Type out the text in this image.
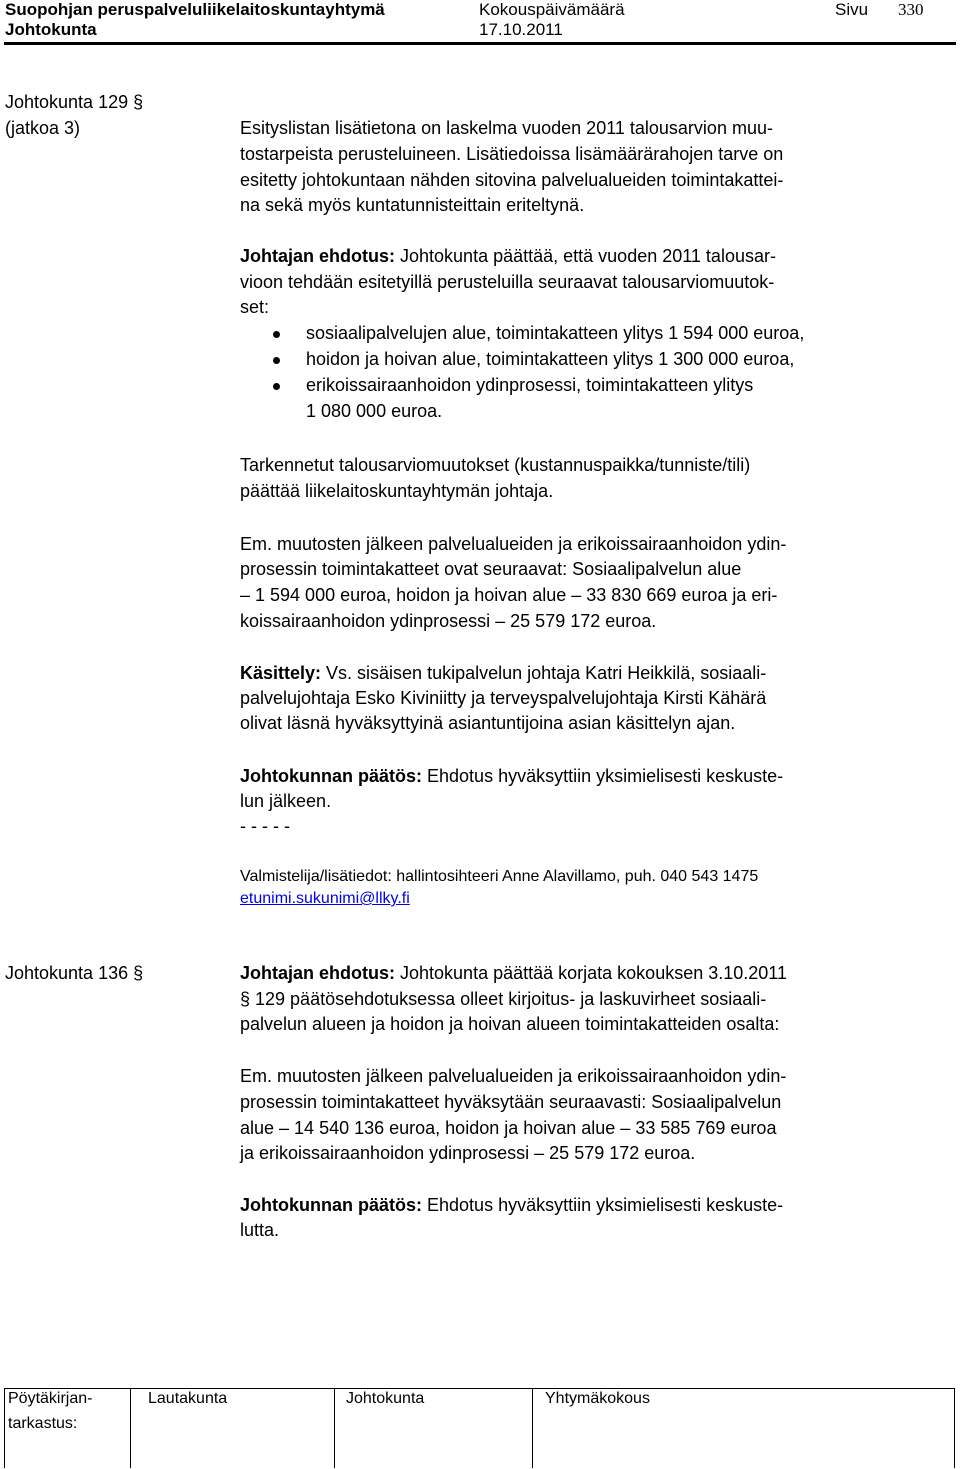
Suopohjan peruspalveluliikelaitoskuntayhtymä
Johtokunta
Kokouspäivämäärä
17.10.2011
Sivu 330
Johtokunta 129 §
(jatkoa 3)	Esityslistan lisätietona on laskelma vuoden 2011 talousarvion muu-
tostarpeista perusteluineen. Lisätiedoissa lisämäärärahojen tarve on
esitetty johtokuntaan nähden sitovina palvelualueiden toimintakattei-
na sekä myös kuntatunnisteittain eriteltynä.
Johtajan ehdotus: Johtokunta päättää, että vuoden 2011 talousar-
vioon tehdään esitetyillä perusteluilla seuraavat talousarviomuutok-
set:
sosiaalipalvelujen alue, toimintakatteen ylitys 1 594 000 euroa,
hoidon ja hoivan alue, toimintakatteen ylitys 1 300 000 euroa,
erikoissairaanhoidon ydinprosessi, toimintakatteen ylitys
1 080 000 euroa.
Tarkennetut talousarviomuutokset (kustannuspaikka/tunniste/tili)
päättää liikelaitoskuntayhtymän johtaja.
Em. muutosten jälkeen palvelualueiden ja erikoissairaanhoidon ydin-
prosessin toimintakatteet ovat seuraavat: Sosiaalipalvelun alue
– 1 594 000 euroa, hoidon ja hoivan alue – 33 830 669 euroa ja eri-
koissairaanhoidon ydinprosessi – 25 579 172 euroa.
Käsittely: Vs. sisäisen tukipalvelun johtaja Katri Heikkilä, sosiaali-
palvelujohtaja Esko Kiviniitty ja terveyspalvelujohtaja Kirsti Kähärä
olivat läsnä hyväksyttyinä asiantuntijoina asian käsittelyn ajan.
Johtokunnan päätös: Ehdotus hyväksyttiin yksimielisesti keskuste-
lun jälkeen.
- - - - -
Valmistelija/lisätiedot: hallintosihteeri Anne Alavillamo, puh. 040 543 1475
etunimi.sukunimi@llky.fi
Johtokunta 136 §	Johtajan ehdotus: Johtokunta päättää korjata kokouksen 3.10.2011
§ 129 päätösehdotuksessa olleet kirjoitus- ja laskuvirheet sosiaali-
palvelun alueen ja hoidon ja hoivan alueen toimintakatteiden osalta:
Em. muutosten jälkeen palvelualueiden ja erikoissairaanhoidon ydin-
prosessin toimintakatteet hyväksytään seuraavasti: Sosiaalipalvelun
alue – 14 540 136 euroa, hoidon ja hoivan alue – 33 585 769 euroa
ja erikoissairaanhoidon ydinprosessi – 25 579 172 euroa.
Johtokunnan päätös: Ehdotus hyväksyttiin yksimielisesti keskuste-
lutta.
Pöytäkirjan-
tarkastus:
Lautakunta	Johtokunta	Yhtymäkokous
